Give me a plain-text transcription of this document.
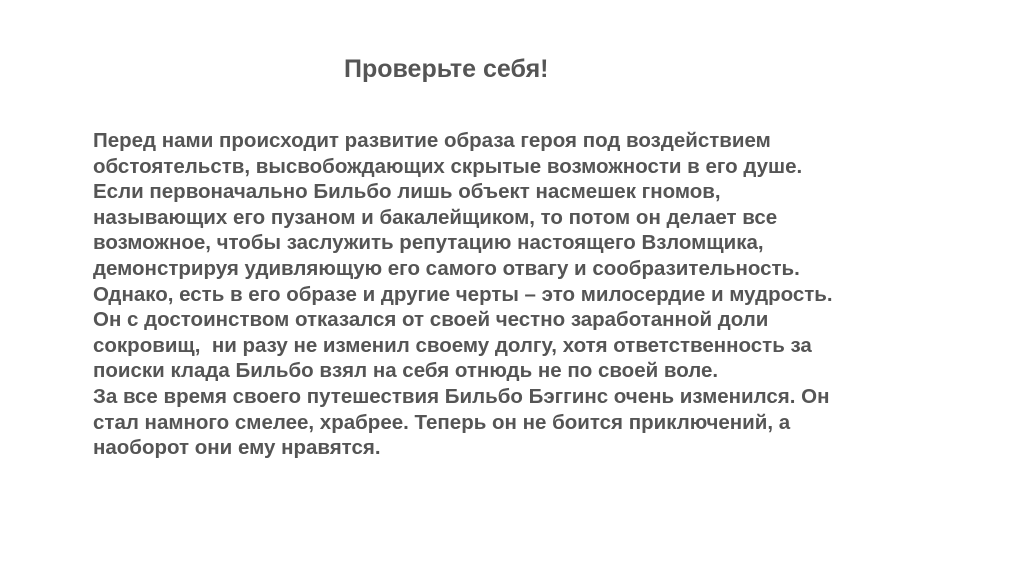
Проверьте себя!
Перед нами происходит развитие образа героя под воздействием
обстоятельств, высвобождающих скрытые возможности в его душе.
Если первоначально Бильбо лишь объект насмешек гномов,
называющих его пузаном и бакалейщиком, то потом он делает все
возможное, чтобы заслужить репутацию настоящего Взломщика,
демонстрируя удивляющую его самого отвагу и сообразительность.
Однако, есть в его образе и другие черты – это милосердие и мудрость.
Он с достоинством отказался от своей честно заработанной доли
сокровищ,  ни разу не изменил своему долгу, хотя ответственность за
поиски клада Бильбо взял на себя отнюдь не по своей воле.
За все время своего путешествия Бильбо Бэггинс очень изменился. Он
стал намного смелее, храбрее. Теперь он не боится приключений, а
наоборот они ему нравятся.
